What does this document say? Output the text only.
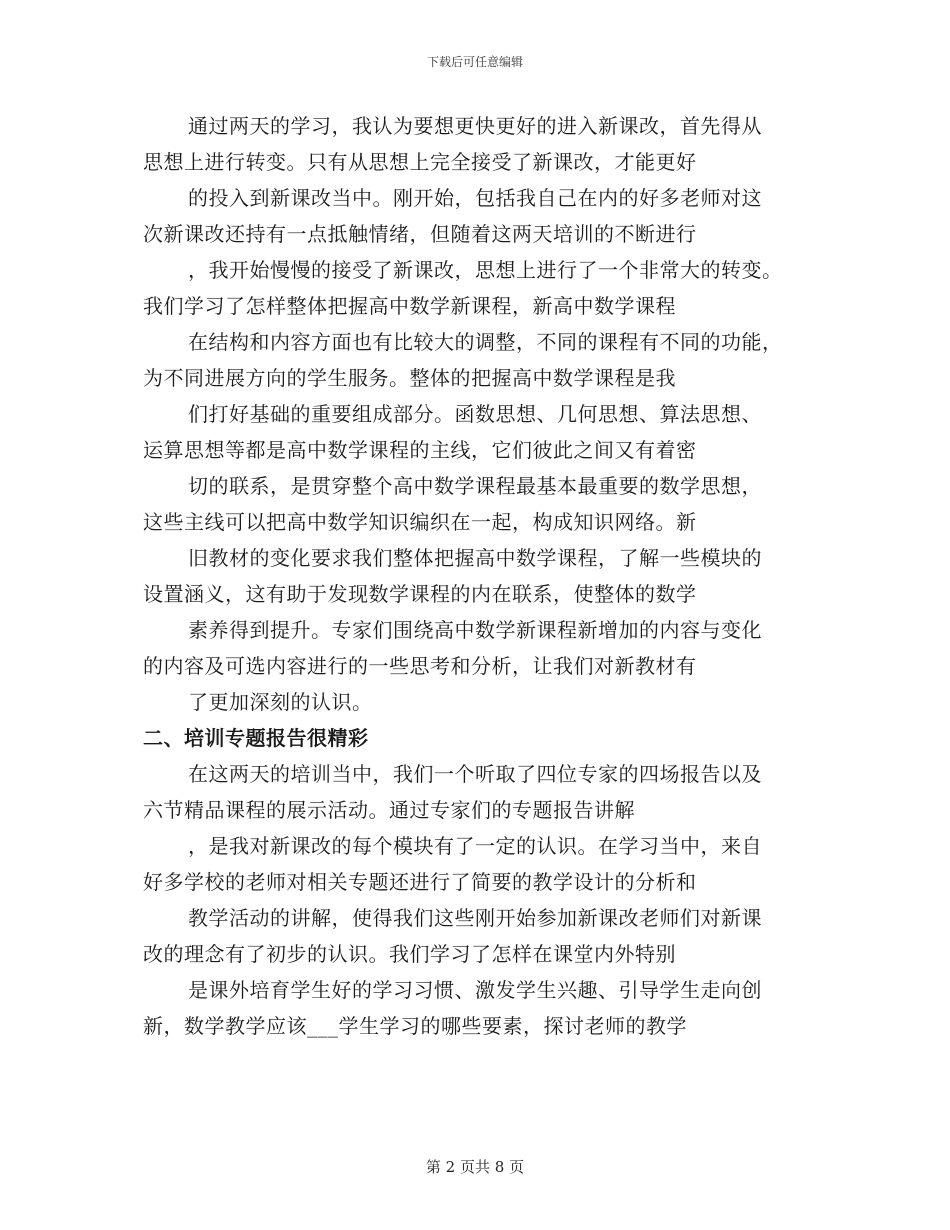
下载后可任意编辑
通过两天的学习，我认为要想更快更好的进入新课改，首先得从
思想上进行转变。只有从思想上完全接受了新课改，才能更好
的投入到新课改当中。刚开始，包括我自己在内的好多老师对这
次新课改还持有一点抵触情绪，但随着这两天培训的不断进行
，我开始慢慢的接受了新课改，思想上进行了一个非常大的转变。
我们学习了怎样整体把握高中数学新课程，新高中数学课程
在结构和内容方面也有比较大的调整，不同的课程有不同的功能，
为不同进展方向的学生服务。整体的把握高中数学课程是我
们打好基础的重要组成部分。函数思想、几何思想、算法思想、
运算思想等都是高中数学课程的主线，它们彼此之间又有着密
切的联系，是贯穿整个高中数学课程最基本最重要的数学思想，
这些主线可以把高中数学知识编织在一起，构成知识网络。新
旧教材的变化要求我们整体把握高中数学课程，了解一些模块的
设置涵义，这有助于发现数学课程的内在联系，使整体的数学
素养得到提升。专家们围绕高中数学新课程新增加的内容与变化
的内容及可选内容进行的一些思考和分析，让我们对新教材有
了更加深刻的认识。
二、培训专题报告很精彩
在这两天的培训当中，我们一个听取了四位专家的四场报告以及
六节精品课程的展示活动。通过专家们的专题报告讲解
，是我对新课改的每个模块有了一定的认识。在学习当中，来自
好多学校的老师对相关专题还进行了简要的教学设计的分析和
教学活动的讲解，使得我们这些刚开始参加新课改老师们对新课
改的理念有了初步的认识。我们学习了怎样在课堂内外特别
是课外培育学生好的学习习惯、激发学生兴趣、引导学生走向创
新，数学教学应该___学生学习的哪些要素，探讨老师的教学
第 2 页共 8 页
